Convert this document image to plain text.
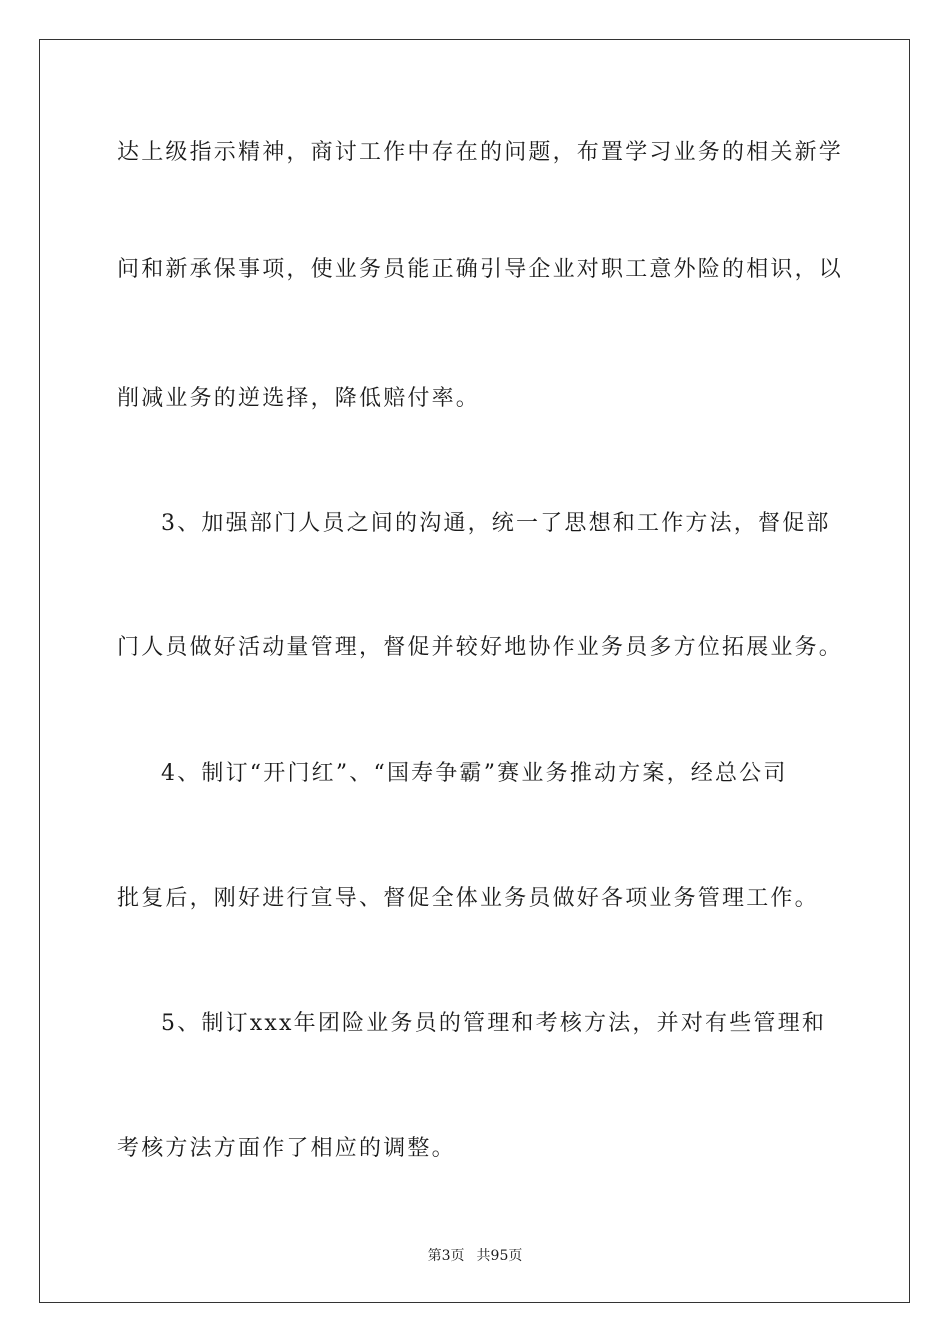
达上级指示精神，商讨工作中存在的问题，布置学习业务的相关新学
问和新承保事项，使业务员能正确引导企业对职工意外险的相识，以
削减业务的逆选择，降低赔付率。
3、加强部门人员之间的沟通，统一了思想和工作方法，督促部
门人员做好活动量管理，督促并较好地协作业务员多方位拓展业务。
4、制订“开门红”、“国寿争霸”赛业务推动方案，经总公司
批复后，刚好进行宣导、督促全体业务员做好各项业务管理工作。
5、制订xxx年团险业务员的管理和考核方法，并对有些管理和
考核方法方面作了相应的调整。
第3页 共95页
